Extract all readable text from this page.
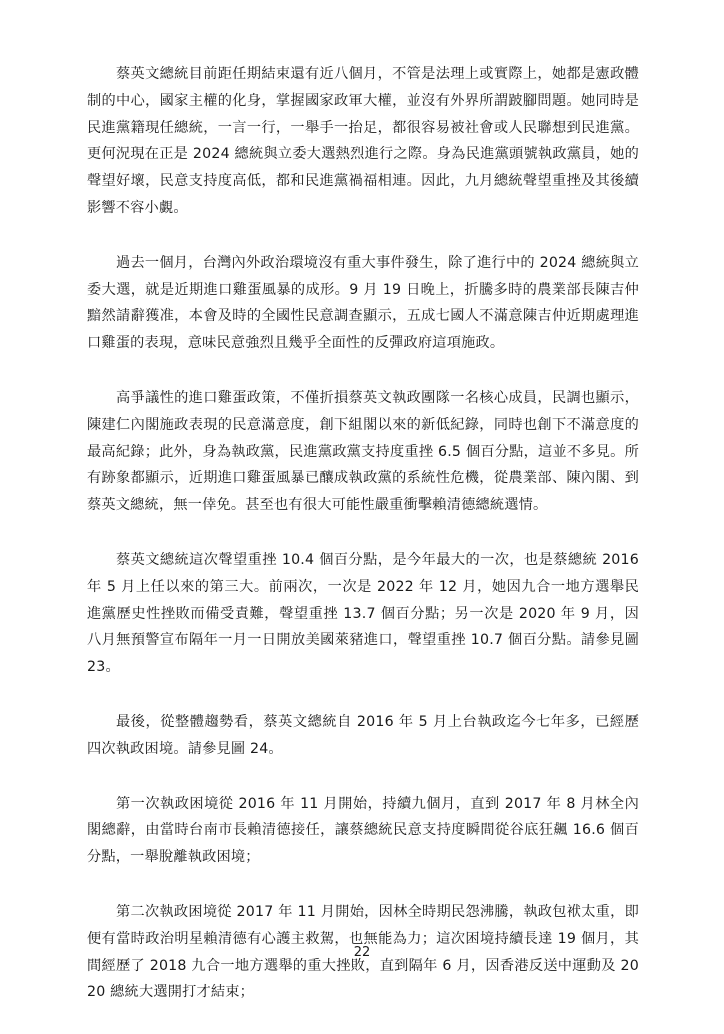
蔡英文總統目前距任期結束還有近八個月，不管是法理上或實際上，她都是憲政體制的中心，國家主權的化身，掌握國家政軍大權，並沒有外界所謂跛腳問題。她同時是民進黨籍現任總統，一言一行，一舉手一抬足，都很容易被社會或人民聯想到民進黨。更何況現在正是 2024 總統與立委大選熱烈進行之際。身為民進黨頭號執政黨員，她的聲望好壞，民意支持度高低，都和民進黨禍福相連。因此，九月總統聲望重挫及其後續影響不容小覷。

過去一個月，台灣內外政治環境沒有重大事件發生，除了進行中的 2024 總統與立委大選，就是近期進口雞蛋風暴的成形。9 月 19 日晚上，折騰多時的農業部長陳吉仲黯然請辭獲准，本會及時的全國性民意調查顯示，五成七國人不滿意陳吉仲近期處理進口雞蛋的表現，意味民意強烈且幾乎全面性的反彈政府這項施政。

高爭議性的進口雞蛋政策，不僅折損蔡英文執政團隊一名核心成員，民調也顯示，陳建仁內閣施政表現的民意滿意度，創下組閣以來的新低紀錄，同時也創下不滿意度的最高紀錄；此外，身為執政黨，民進黨政黨支持度重挫 6.5 個百分點，這並不多見。所有跡象都顯示，近期進口雞蛋風暴已釀成執政黨的系統性危機，從農業部、陳內閣、到蔡英文總統，無一倖免。甚至也有很大可能性嚴重衝擊賴清德總統選情。

蔡英文總統這次聲望重挫 10.4 個百分點，是今年最大的一次，也是蔡總統 2016 年 5 月上任以來的第三大。前兩次，一次是 2022 年 12 月，她因九合一地方選舉民進黨歷史性挫敗而備受責難，聲望重挫 13.7 個百分點；另一次是 2020 年 9 月，因八月無預警宣布隔年一月一日開放美國萊豬進口，聲望重挫 10.7 個百分點。請參見圖 23。

最後，從整體趨勢看，蔡英文總統自 2016 年 5 月上台執政迄今七年多，已經歷四次執政困境。請參見圖 24。

第一次執政困境從 2016 年 11 月開始，持續九個月，直到 2017 年 8 月林全內閣總辭，由當時台南市長賴清德接任，讓蔡總統民意支持度瞬間從谷底狂飆 16.6 個百分點，一舉脫離執政困境；

第二次執政困境從 2017 年 11 月開始，因林全時期民怨沸騰，執政包袱太重，即便有當時政治明星賴清德有心護主救駕，也無能為力；這次困境持續長達 19 個月，其間經歷了 2018 九合一地方選舉的重大挫敗，直到隔年 6 月，因香港反送中運動及 2020 總統大選開打才結束；

22
